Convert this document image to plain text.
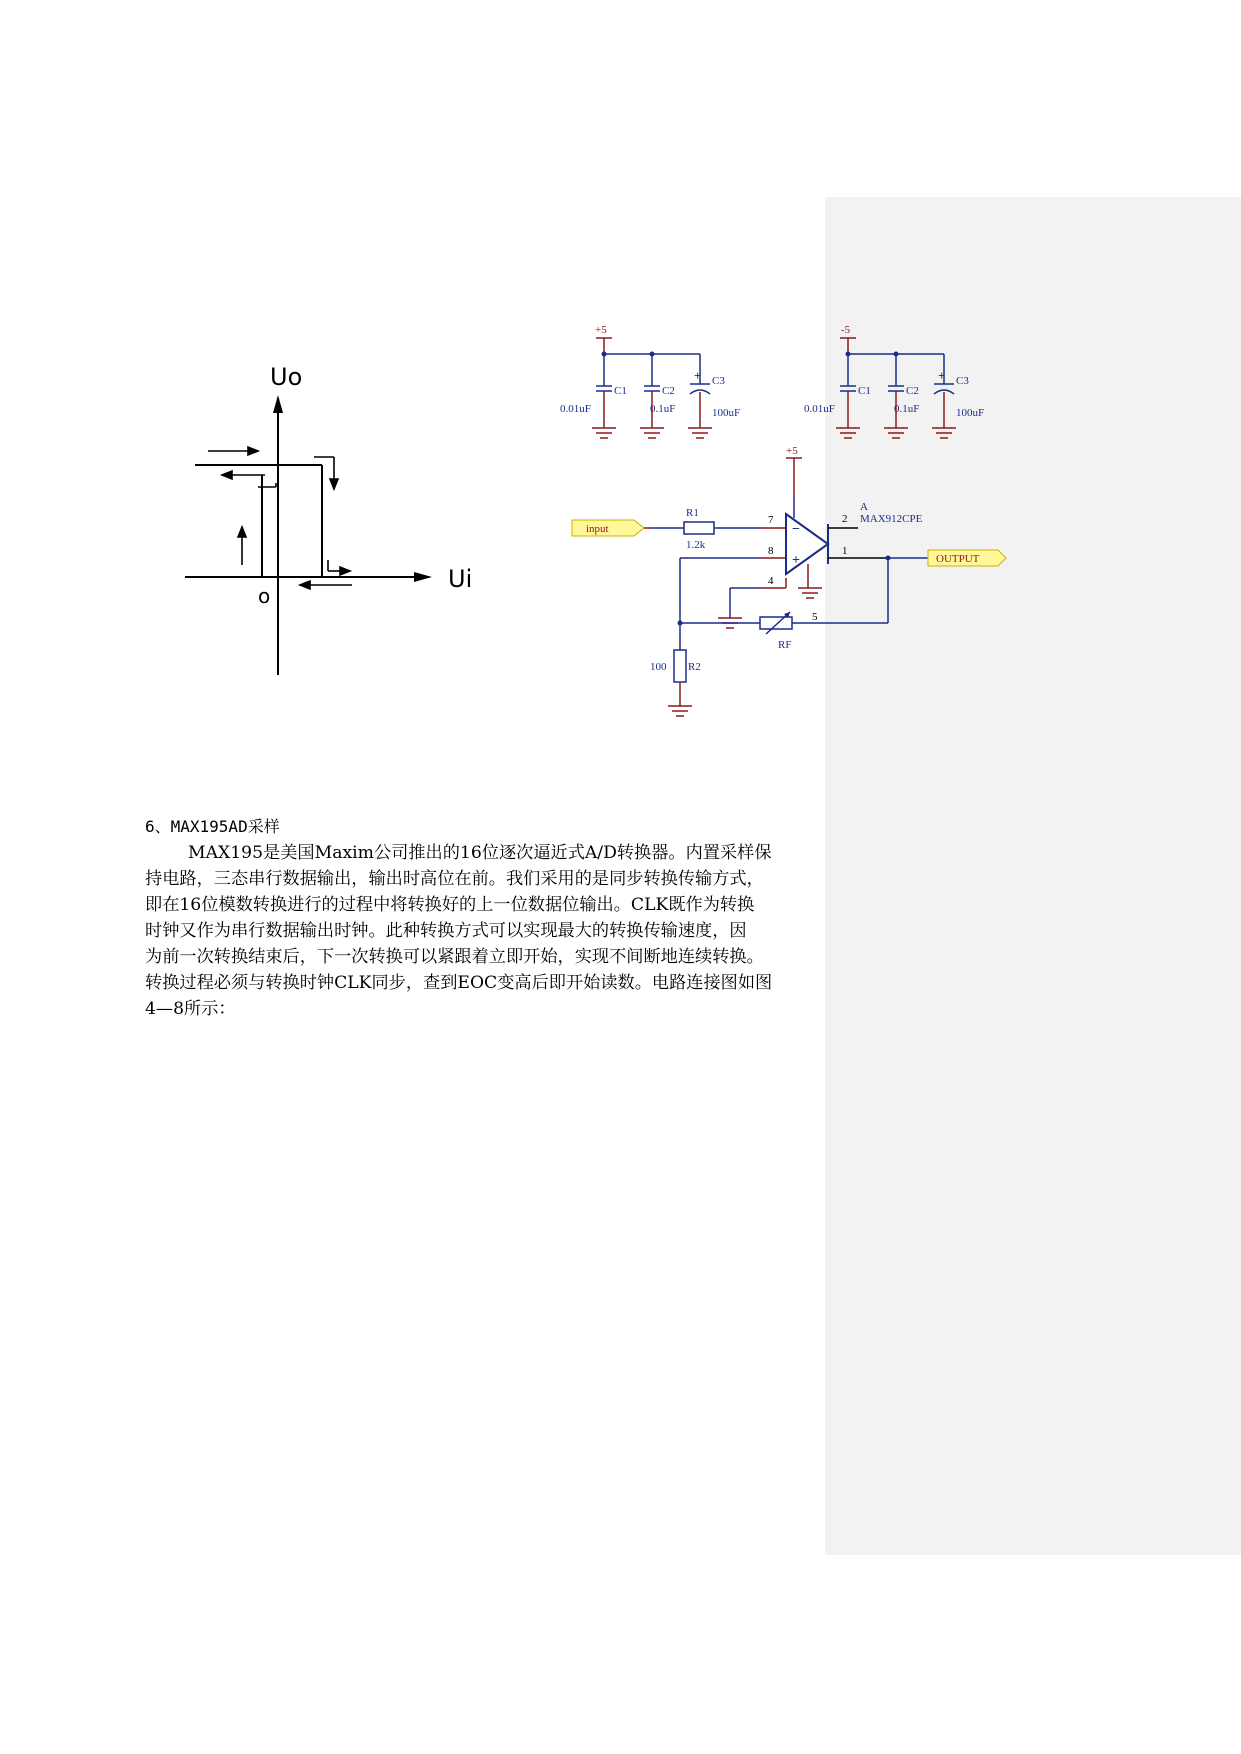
Uo
Ui
o
+5
C1
0.01uF
C2
0.1uF
+ C3
100uF
-5
C1
0.01uF
C2
0.1uF
+ C3
100uF
+5
input
R1
1.2k
7
8
4
−
+
A
MAX912CPE
2
1
OUTPUT
5
RF
100 R2
6、MAX195AD采样
MAX195是美国Maxim公司推出的16位逐次逼近式A/D转换器。内置采样保
持电路，三态串行数据输出，输出时高位在前。我们采用的是同步转换传输方式，
即在16位模数转换进行的过程中将转换好的上一位数据位输出。CLK既作为转换
时钟又作为串行数据输出时钟。此种转换方式可以实现最大的转换传输速度，因
为前一次转换结束后，下一次转换可以紧跟着立即开始，实现不间断地连续转换。
转换过程必须与转换时钟CLK同步，查到EOC变高后即开始读数。电路连接图如图
4—8所示：
